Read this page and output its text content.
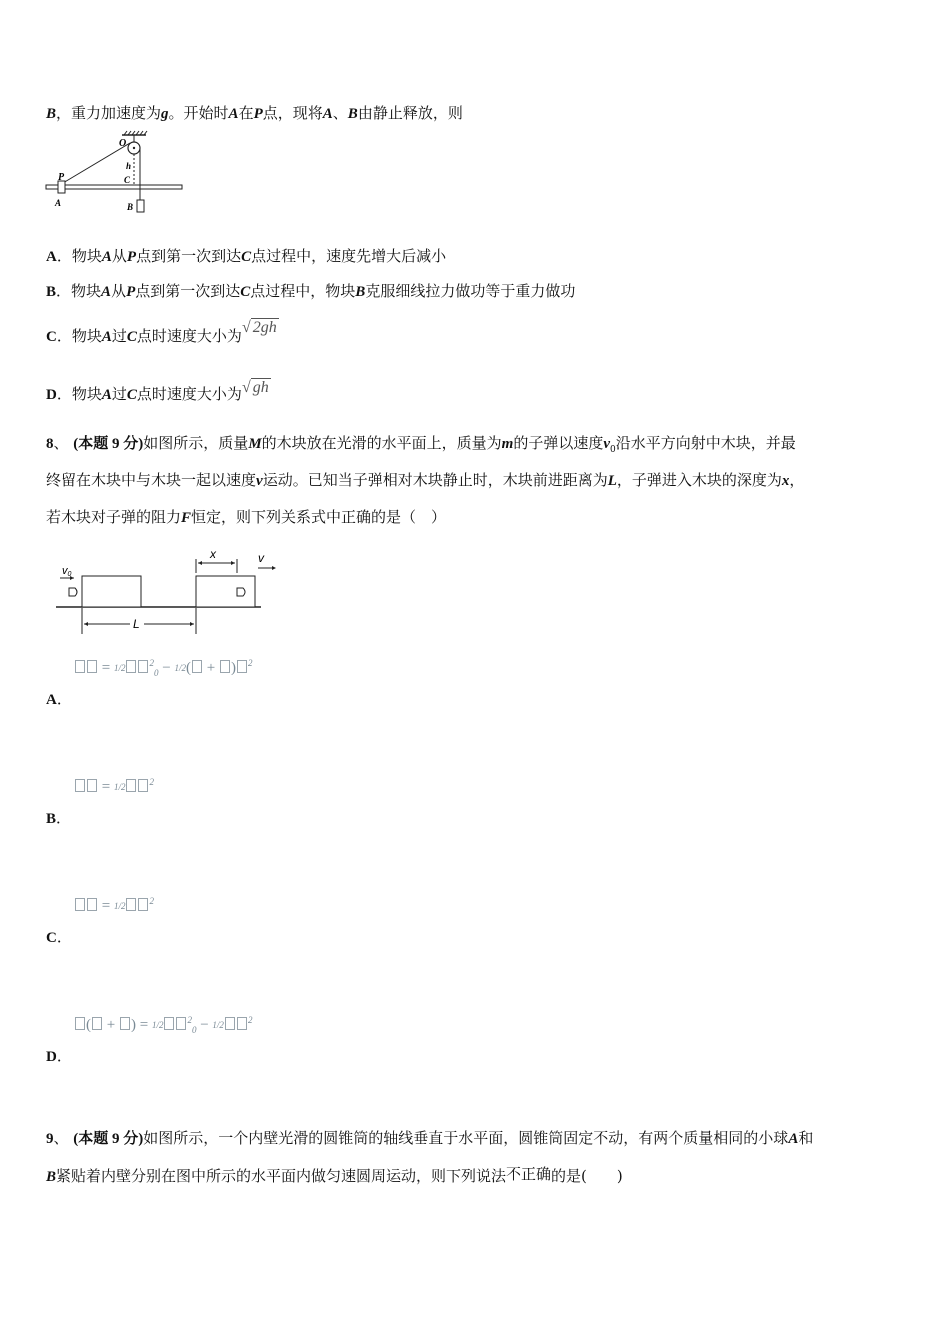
B，重力加速度为g。开始时A在P点，现将A、B由静止释放，则
O
P
h
C
A	B
A．物块A从P点到第一次到达C点过程中，速度先增大后减小
B．物块A从P点到第一次到达C点过程中，物块B克服细线拉力做功等于重力做功
C．物块A过C点时速度大小为√ 2gh
D．物块A过C点时速度大小为√ gh
8、 (本题 9 分)如图所示，质量M的木块放在光滑的水平面上，质量为m的子弹以速度$v_0$沿水平方向射中木块，并最
终留在木块中与木块一起以速度v运动。已知当子弹相对木块静止时，木块前进距离为L，子弹进入木块的深度为x，
若木块对子弹的阻力F恒定，则下列关系式中正确的是（　）
v0
x	v
L
= 1/2	$^2_0$ − 1/2( + ) $^2$
A．
= 1/2	$^2$
B．
= 1/2	$^2$
C．
( + ) = 1/2	$^2_0$ − 1/2	$^2$
D．
9、 (本题 9 分)如图所示，一个内壁光滑的圆锥筒的轴线垂直于水平面，圆锥筒固定不动，有两个质量相同的小球A和
B紧贴着内壁分别在图中所示的水平面内做匀速圆周运动，则下列说法不正确的是(　　)
